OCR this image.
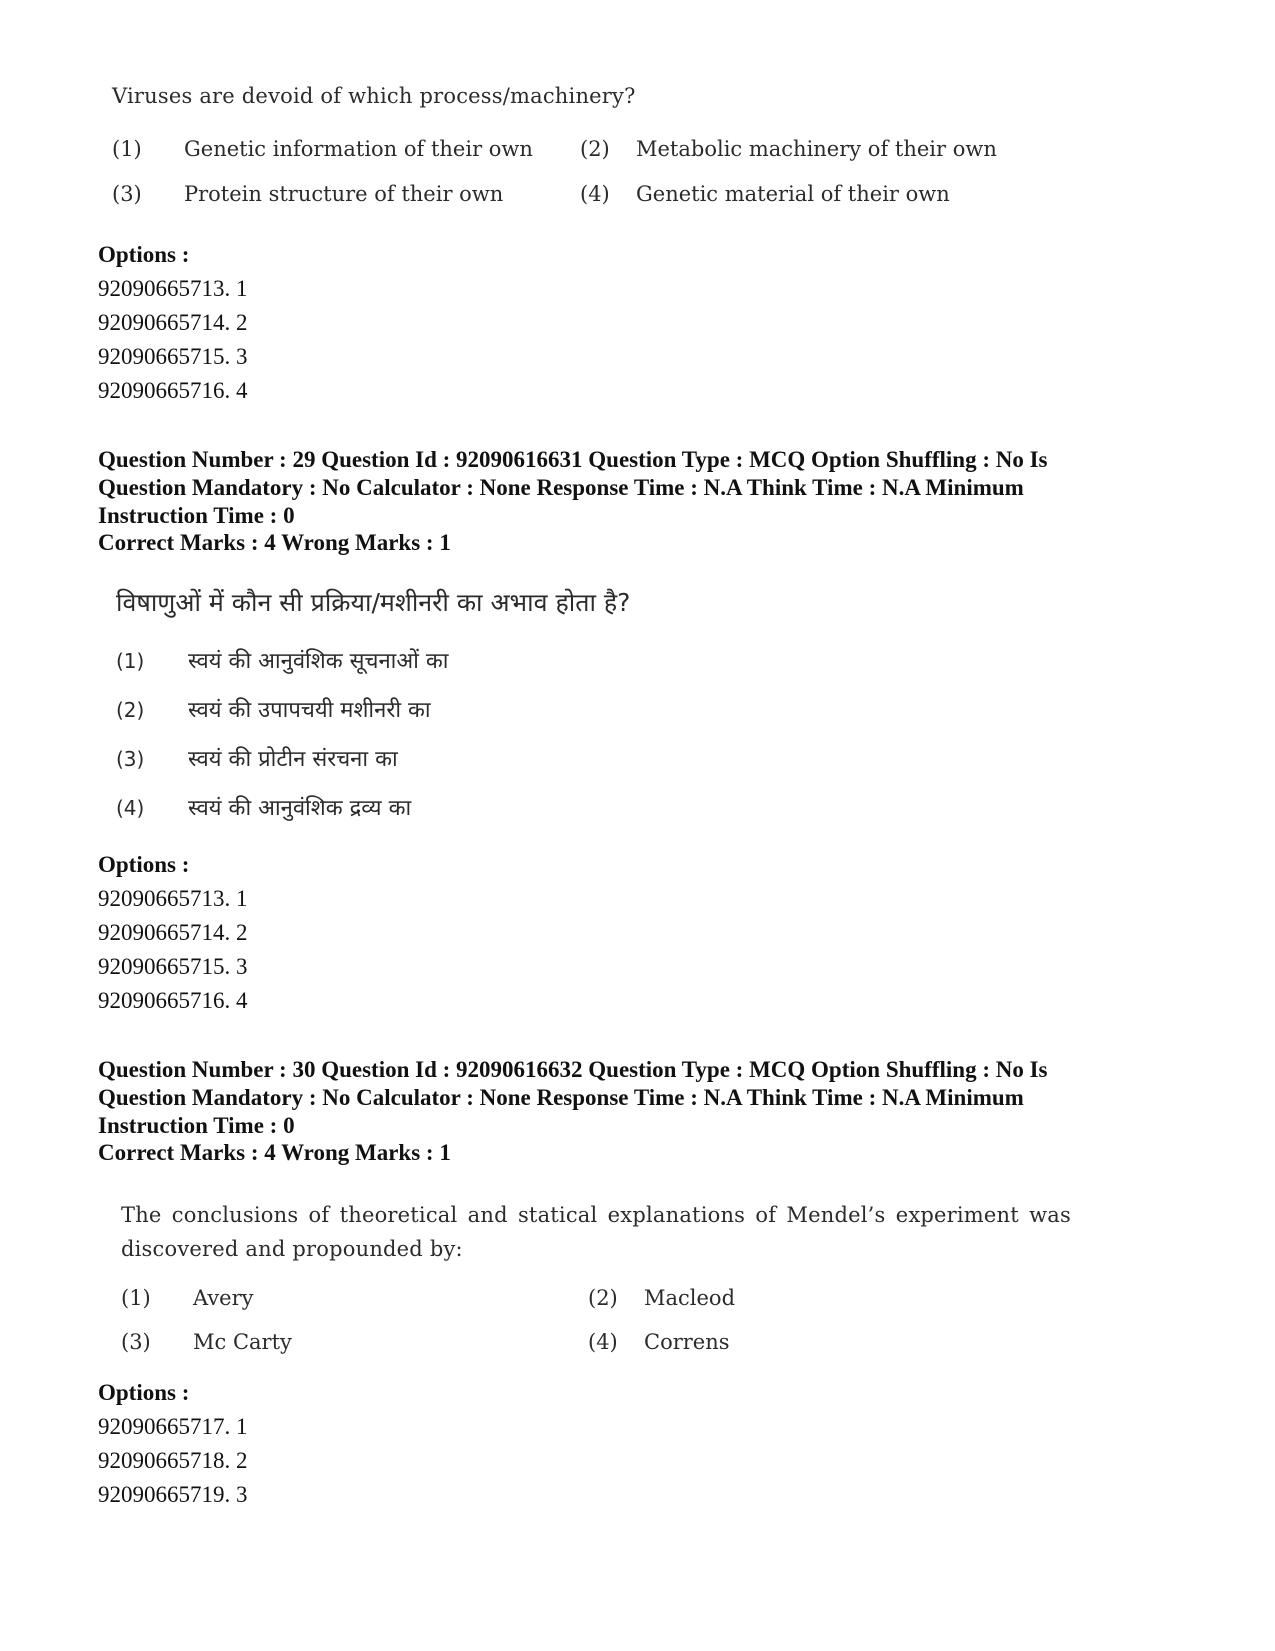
Viruses are devoid of which process/machinery?
(1) Genetic information of their own (2) Metabolic machinery of their own
(3) Protein structure of their own	(4) Genetic material of their own
Options :
92090665713. 1
92090665714. 2
92090665715. 3
92090665716. 4
Question Number : 29 Question Id : 92090616631 Question Type : MCQ Option Shuffling : No Is
Question Mandatory : No Calculator : None Response Time : N.A Think Time : N.A Minimum
Instruction Time : 0
Correct Marks : 4 Wrong Marks : 1
विषाणुओं में कौन सी प्रक्रिया/मशीनरी का अभाव होता है?
(1) स्वयं की आनुवंशिक सूचनाओं का
(2) स्वयं की उपापचयी मशीनरी का
(3) स्वयं की प्रोटीन संरचना का
(4) स्वयं की आनुवंशिक द्रव्य का
Options :
92090665713. 1
92090665714. 2
92090665715. 3
92090665716. 4
Question Number : 30 Question Id : 92090616632 Question Type : MCQ Option Shuffling : No Is
Question Mandatory : No Calculator : None Response Time : N.A Think Time : N.A Minimum
Instruction Time : 0
Correct Marks : 4 Wrong Marks : 1
The conclusions of theoretical and statical explanations of Mendel’s experiment was
discovered and propounded by:
(1) Avery	(2) Macleod
(3) Mc Carty	(4) Correns
Options :
92090665717. 1
92090665718. 2
92090665719. 3
